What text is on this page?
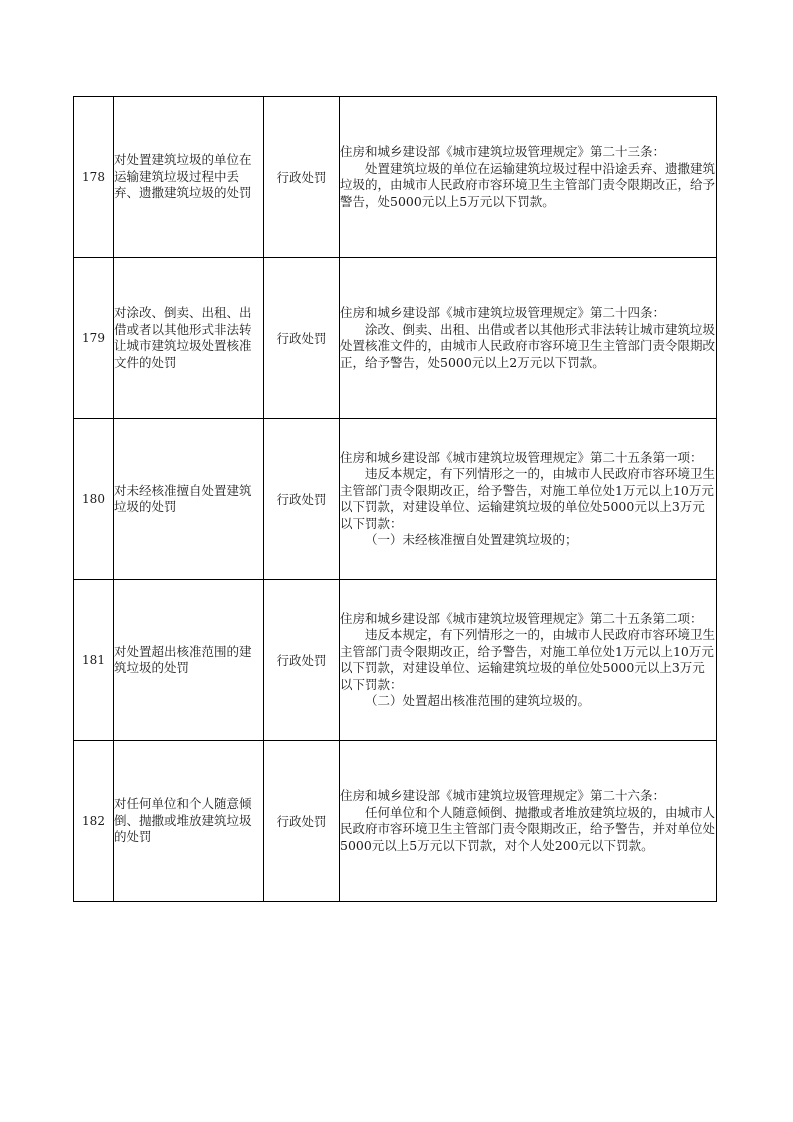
178	对处置建筑垃圾的单位在运输建筑垃圾过程中丢弃、遗撒建筑垃圾的处罚	行政处罚	住房和城乡建设部《城市建筑垃圾管理规定》第二十三条：
处置建筑垃圾的单位在运输建筑垃圾过程中沿途丢弃、遗撒建筑垃圾的，由城市人民政府市容环境卫生主管部门责令限期改正，给予警告，处5000元以上5万元以下罚款。

179	对涂改、倒卖、出租、出借或者以其他形式非法转让城市建筑垃圾处置核准文件的处罚	行政处罚	住房和城乡建设部《城市建筑垃圾管理规定》第二十四条：
涂改、倒卖、出租、出借或者以其他形式非法转让城市建筑垃圾处置核准文件的，由城市人民政府市容环境卫生主管部门责令限期改正，给予警告，处5000元以上2万元以下罚款。

180	对未经核准擅自处置建筑垃圾的处罚	行政处罚	住房和城乡建设部《城市建筑垃圾管理规定》第二十五条第一项：
违反本规定，有下列情形之一的，由城市人民政府市容环境卫生主管部门责令限期改正，给予警告，对施工单位处1万元以上10万元以下罚款，对建设单位、运输建筑垃圾的单位处5000元以上3万元以下罚款：
（一）未经核准擅自处置建筑垃圾的；

181	对处置超出核准范围的建筑垃圾的处罚	行政处罚	住房和城乡建设部《城市建筑垃圾管理规定》第二十五条第二项：
违反本规定，有下列情形之一的，由城市人民政府市容环境卫生主管部门责令限期改正，给予警告，对施工单位处1万元以上10万元以下罚款，对建设单位、运输建筑垃圾的单位处5000元以上3万元以下罚款：
（二）处置超出核准范围的建筑垃圾的。

182	对任何单位和个人随意倾倒、抛撒或堆放建筑垃圾的处罚	行政处罚	住房和城乡建设部《城市建筑垃圾管理规定》第二十六条：
任何单位和个人随意倾倒、抛撒或者堆放建筑垃圾的，由城市人民政府市容环境卫生主管部门责令限期改正，给予警告，并对单位处5000元以上5万元以下罚款，对个人处200元以下罚款。
